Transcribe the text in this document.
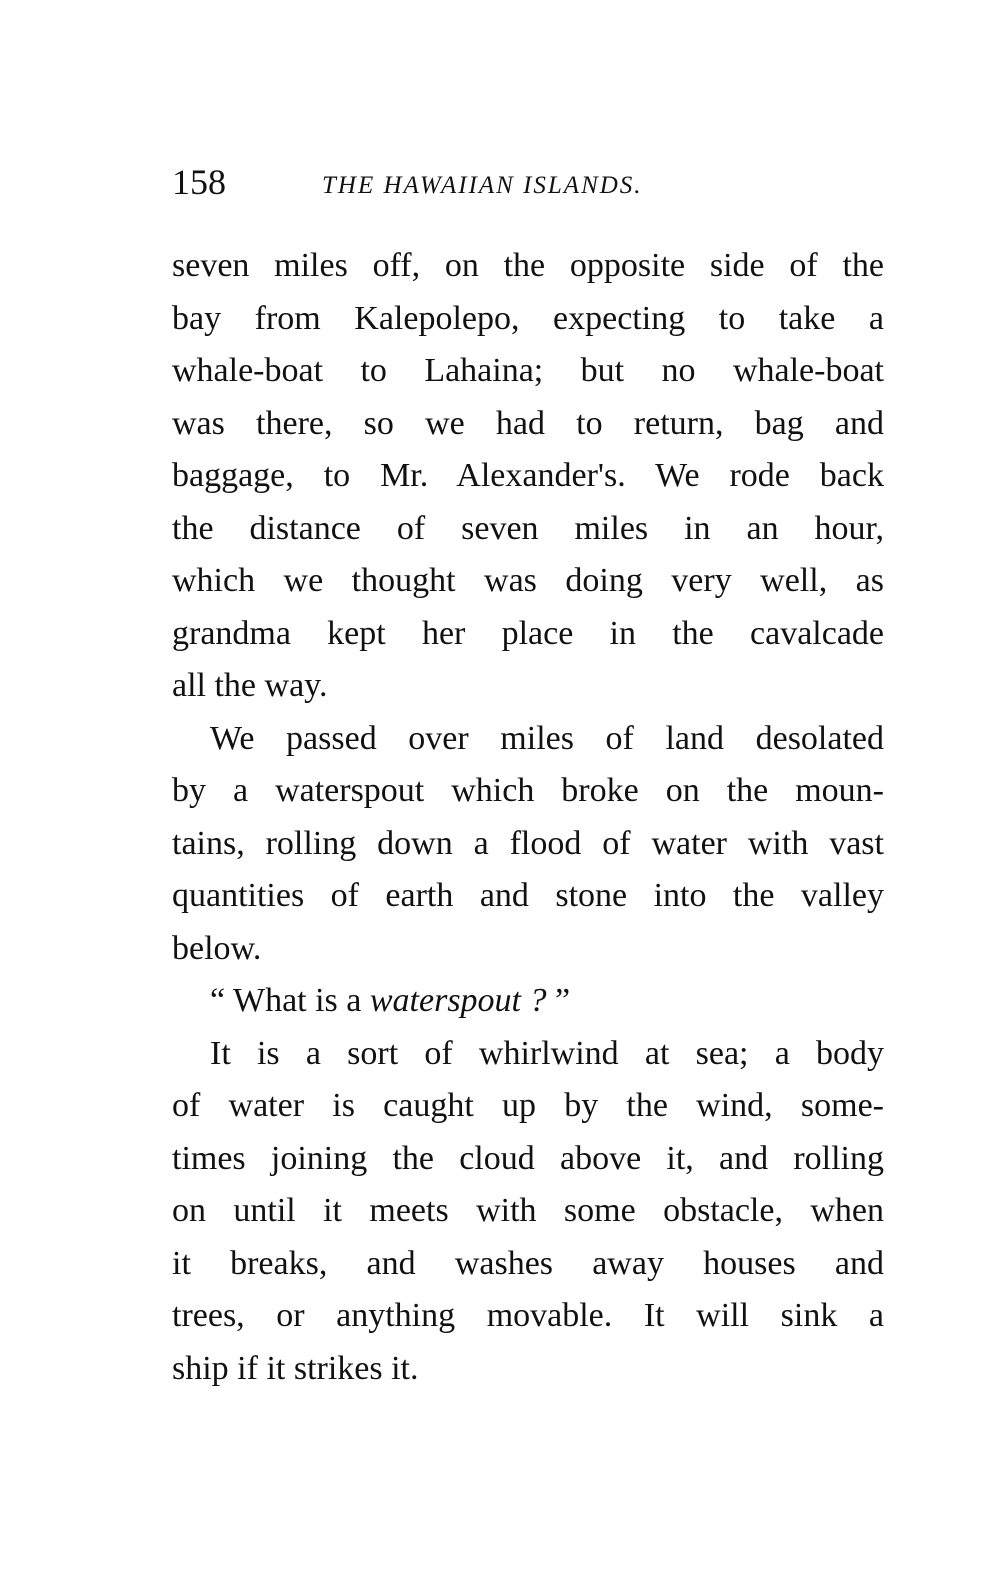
158	THE HAWAIIAN ISLANDS.
seven miles off, on the opposite side of the
bay from Kalepolepo, expecting to take a
whale-boat to Lahaina; but no whale-boat
was there, so we had to return, bag and
baggage, to Mr. Alexander's. We rode back
the distance of seven miles in an hour,
which we thought was doing very well, as
grandma kept her place in the cavalcade
all the way.
We passed over miles of land desolated
by a waterspout which broke on the moun-
tains, rolling down a flood of water with vast
quantities of earth and stone into the valley
below.
“ What is a waterspout ? ”
It is a sort of whirlwind at sea; a body
of water is caught up by the wind, some-
times joining the cloud above it, and rolling
on until it meets with some obstacle, when
it breaks, and washes away houses and
trees, or anything movable. It will sink a
ship if it strikes it.
